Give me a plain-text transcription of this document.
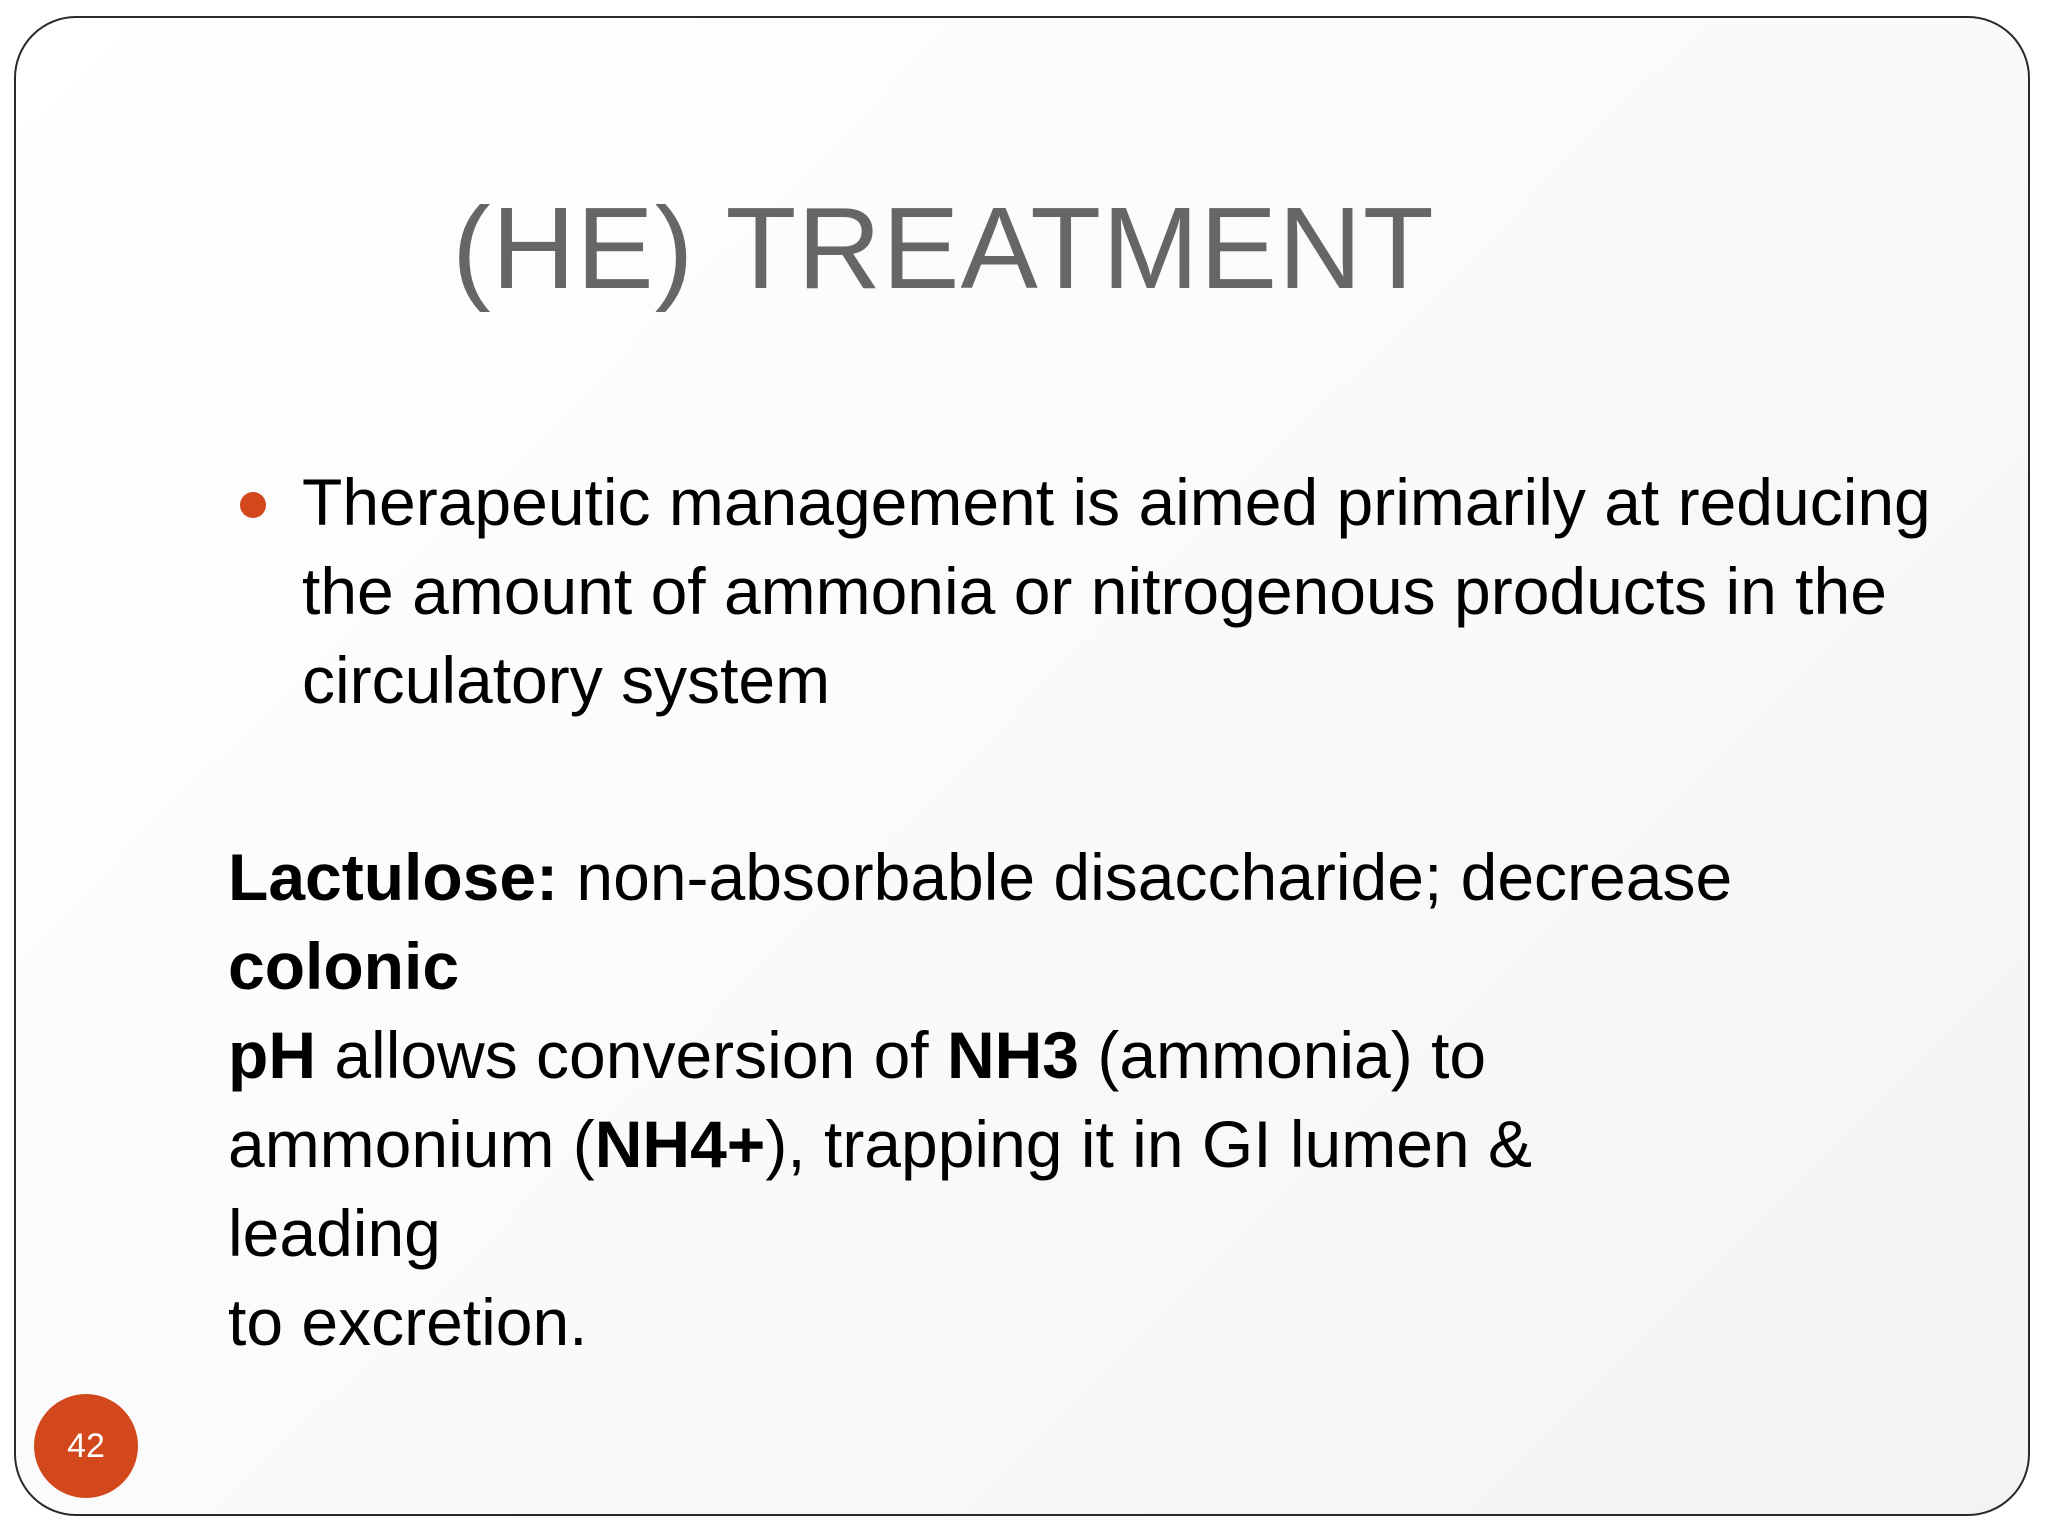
(HE) TREATMENT
Therapeutic management is aimed primarily at reducing the amount of ammonia or nitrogenous products in the circulatory system
Lactulose: non-absorbable disaccharide; decrease
colonic
pH allows conversion of NH3 (ammonia) to
ammonium (NH4+), trapping it in GI lumen &
leading
to excretion.
42
